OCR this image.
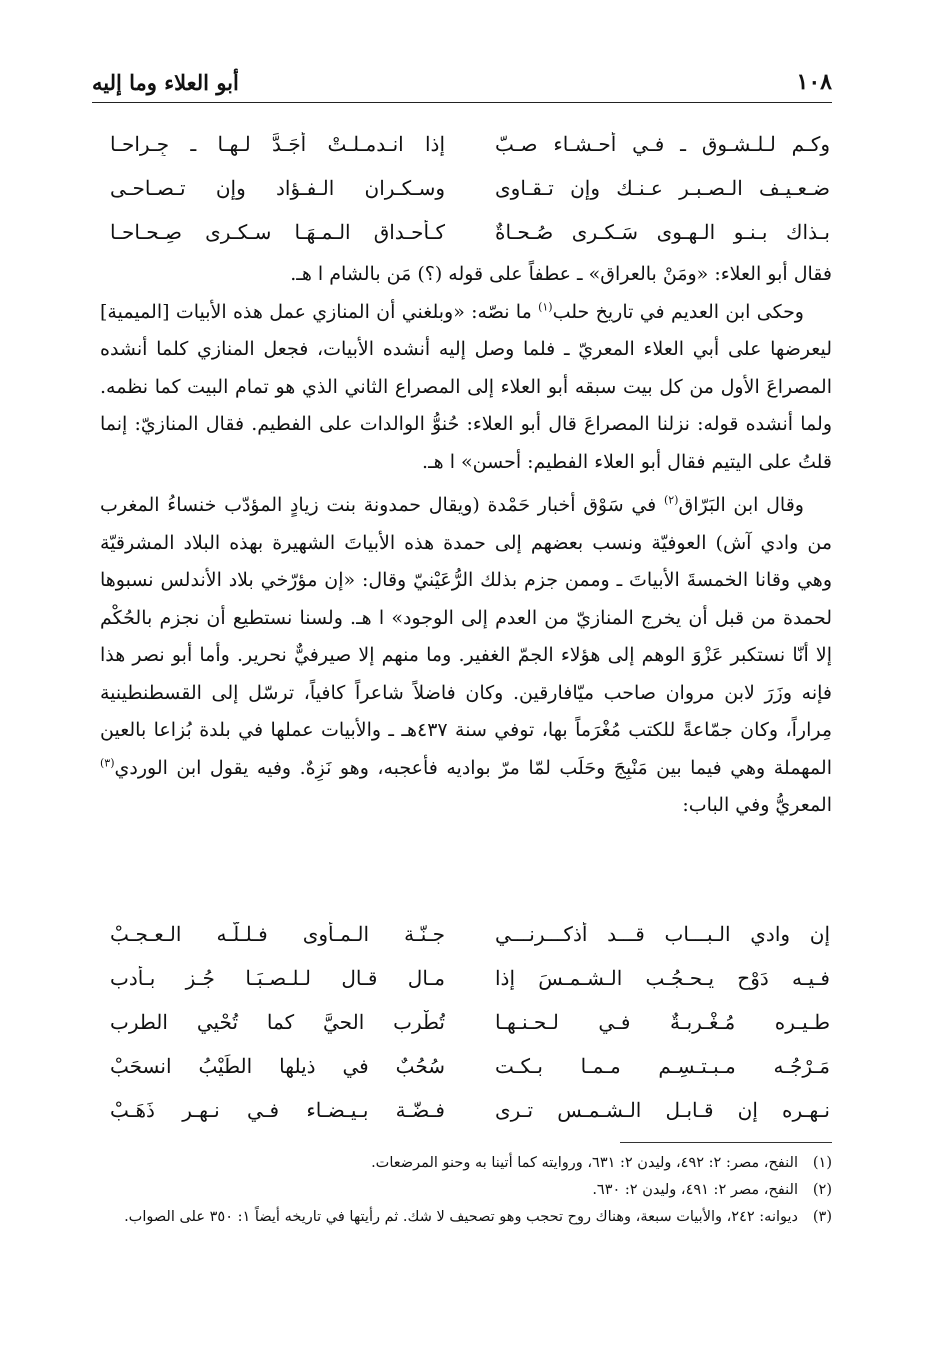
١٠٨
أبو العلاء وما إليه
وكـم لـلـشـوق ـ فـي أحـشـاء صـبّ
إذا انـدمـلـتْ أَجَـدَّ لـهـا ـ جِـراحـا
ضـعـيـف الـصـبـر عـنـك وإن تـقـاوى
وسـكـران الـفـؤاد وإن تـصـاحـى
بـذاك بـنـو الـهـوى سَـكـرى صُـحـاةٌ
كـأحـداق الـمـهَـا سـكـرى صِـحـاحـا

فقال أبو العلاء: «ومَنْ بالعراق» ـ عطفاً على قوله (؟) مَن بالشام ا هـ.

وحكى ابن العديم في تاريخ حلب$^{(١)}$ ما نصّه: «وبلغني أن المنازي عمل هذه الأبيات [الميمية] ليعرضها على أبي العلاء المعريّ ـ فلما وصل إليه أنشده الأبيات، فجعل المنازي كلما أنشده المصراعَ الأول من كل بيت سبقه أبو العلاء إلى المصراع الثاني الذي هو تمام البيت كما نظمه. ولما أنشده قوله: نزلنا المصراعَ قال أبو العلاء: حُنوُّ الوالدات على الفطيم. فقال المنازيّ: إنما قلتُ على اليتيم فقال أبو العلاء الفطيم: أحسن» ا هـ.

وقال ابن البَرّاق$^{(٢)}$ في سَوْق أخبار حَمْدة (ويقال حمدونة بنت زيادٍ المؤدّب خنساءُ المغرب من وادي آش) العوفيّة ونسب بعضهم إلى حمدة هذه الأبياتَ الشهيرة بهذه البلاد المشرقيّة وهي وقانا الخمسةَ الأبياتَ ـ وممن جزم بذلك الرُّعَيْنيّ وقال: «إن مؤرّخي بلاد الأندلس نسبوها لحمدة من قبل أن يخرج المنازيّ من العدم إلى الوجود» ا هـ. ولسنا نستطيع أن نجزم بالحُكْم إلا أنّا نستكبر عَزْوَ الوهم إلى هؤلاء الجمّ الغفير. وما منهم إلا صيرفيٌّ نحرير. وأما أبو نصر هذا فإنه وزَرَ لابن مروان صاحب ميّافارقين. وكان فاضلاً شاعراً كافياً، ترسّل إلى القسطنطينية مِراراً، وكان جمّاعةً للكتب مُغْرَماً بها، توفي سنة ٤٣٧هـ ـ والأبيات عملها في بلدة بُزاعا بالعين المهملة وهي فيما بين مَنْبِجَ وحَلَب لمّا مرّ بواديه فأعجبه، وهو نَزِهٌ. وفيه يقول ابن الوردي$^{(٣)}$ المعريُّ وفي الباب:

إن وادي الـبـــاب قـــد أذكـــرنـــي
جـنّـة الـمـأوى فـلـلّـه الـعـجـبْ
فـيـه دَوْح يـحـجُـب الـشـمـسَ إذا
مـال قـال لـلـصـبَـا جُـز بـأدب
طـيـره مُـغْـربـةٌ فـي لـحـنـهـا
تُطْرب الحيَّ كما تُحْيي الطرب
مَـرْجُـه مـبـتـسِـم مـمـا بـكـت
سُحُبٌ في ذيلها الطِّيْبُ انسحَبْ
نـهـره إن قـابـل الـشـمـس تـرى
فـضّـة بـيـضـاء فـي نـهـرِ ذَهَـبْ
(١)
النفح، مصر: ٢: ٤٩٢، وليدن ٢: ٦٣١، وروايته كما أتينا به وحنو المرضعات.
(٢)
النفح، مصر ٢: ٤٩١، وليدن ٢: ٦٣٠.
(٣)
ديوانه: ٢٤٢، والأبيات سبعة، وهناك روح تحجب وهو تصحيف لا شك. ثم رأيتها في تاريخه أيضاً ١: ٣٥٠ على الصواب.
